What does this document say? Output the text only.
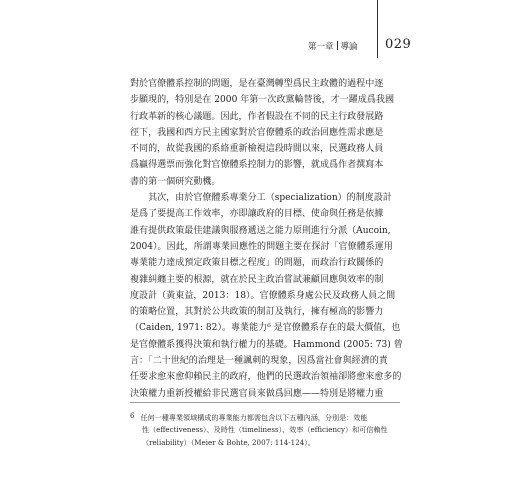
第一章 導論 029
對於官僚體系控制的問題，是在臺灣轉型爲民主政體的過程中逐
步顯現的，特別是在 2000 年第一次政黨輪替後，才一躍成爲我國
行政革新的核心議題。因此，作者假設在不同的民主行政發展路
徑下，我國和西方民主國家對於官僚體系的政治回應性需求應是
不同的，故從我國的系絡重新檢視這段時間以來，民選政務人員
爲贏得選票而強化對官僚體系控制力的影響，就成爲作者撰寫本
書的第一個研究動機。
　　其次，由於官僚體系專業分工（specialization）的制度設計
是爲了要提高工作效率，亦即讓政府的目標、使命與任務是依據
誰有提供政策最佳建議與服務遞送之能力原則進行分派（Aucoin,
2004）。因此，所謂專業回應性的問題主要在探討「官僚體系運用
專業能力達成預定政策目標之程度」的問題，而政治行政關係的
複雜糾纏主要的根源，就在於民主政治嘗試兼顧回應與效率的制
度設計（黃東益，2013：18）。官僚體系身處公民及政務人員之間
的策略位置，其對於公共政策的制訂及執行，擁有極高的影響力
（Caiden, 1971: 82）。專業能力⁶ 是官僚體系存在的最大價值，也
是官僚體系獲得決策和執行權力的基礎。Hammond (2005: 73) 曾
言：「二十世紀的治理是一種諷刺的現象，因爲當社會與經濟的責
任要求愈來愈仰賴民主的政府，他們的民選政治領袖卻將愈來愈多的
決策權力重新授權給非民選官員來做爲回應——特別是將權力重
6 任何一種專業領域構成的專業能力都需包含以下五種內涵，分別是：效能
性（effectiveness）、及時性（timeliness）、效率（efficiency）和可信賴性
（reliability）（Meier & Bohte, 2007: 114-124）。
